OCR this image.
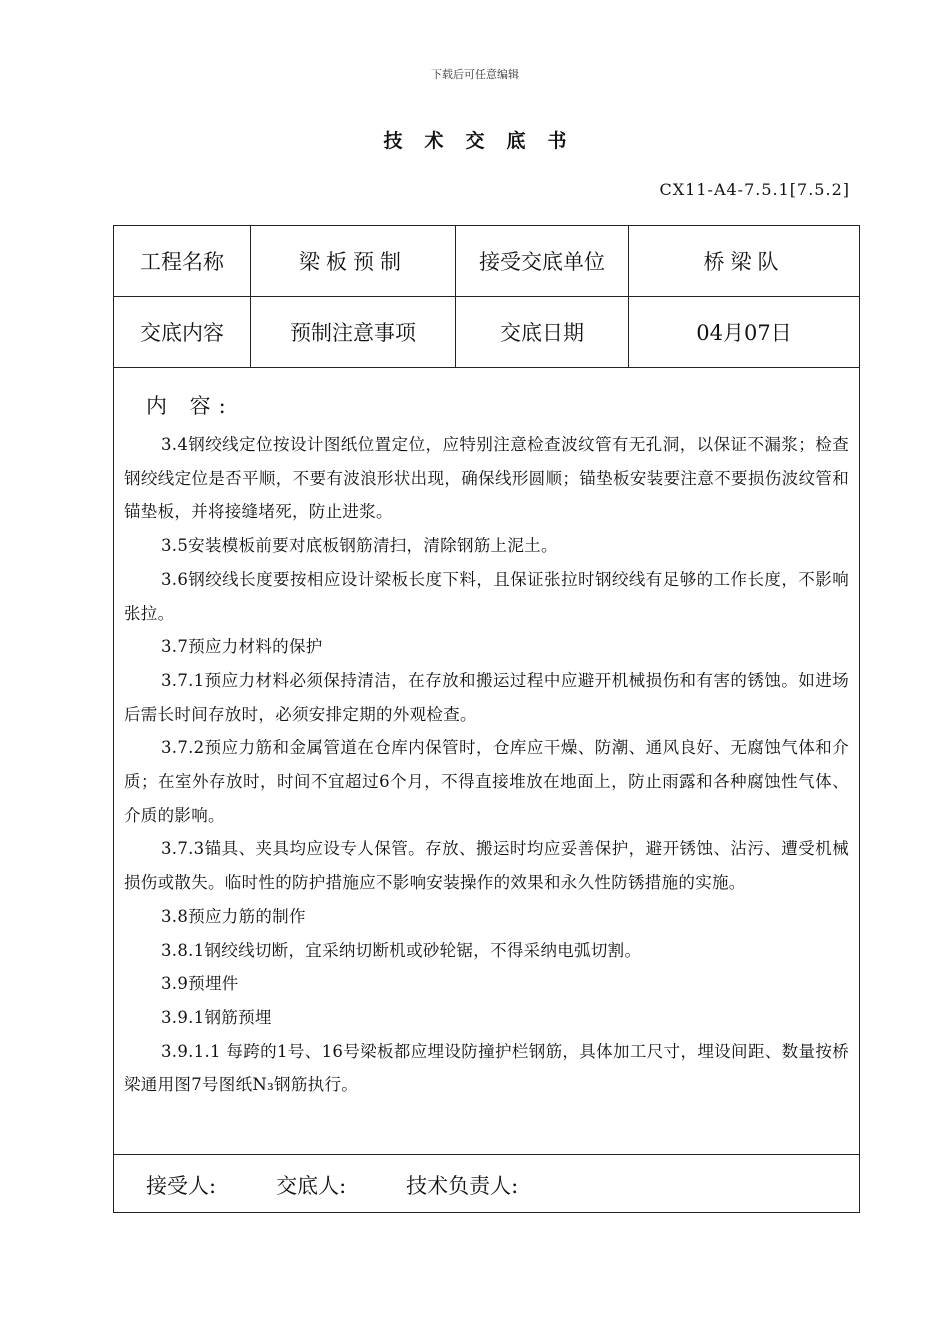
下载后可任意编辑
技术交底书
CX11-A4-7.5.1[7.5.2]
工程名称	梁板预制	接受交底单位	桥梁队
交底内容	预制注意事项	交底日期	04月07日
内 容:

3.4钢绞线定位按设计图纸位置定位，应特别注意检查波纹管有无孔洞，以保证不漏浆；检查钢绞线定位是否平顺，不要有波浪形状出现，确保线形圆顺；锚垫板安装要注意不要损伤波纹管和锚垫板，并将接缝堵死，防止进浆。

3.5安装模板前要对底板钢筋清扫，清除钢筋上泥土。

3.6钢绞线长度要按相应设计梁板长度下料，且保证张拉时钢绞线有足够的工作长度，不影响张拉。

3.7预应力材料的保护

3.7.1预应力材料必须保持清洁，在存放和搬运过程中应避开机械损伤和有害的锈蚀。如进场后需长时间存放时，必须安排定期的外观检查。

3.7.2预应力筋和金属管道在仓库内保管时，仓库应干燥、防潮、通风良好、无腐蚀气体和介质；在室外存放时，时间不宜超过6个月，不得直接堆放在地面上，防止雨露和各种腐蚀性气体、介质的影响。

3.7.3锚具、夹具均应设专人保管。存放、搬运时均应妥善保护，避开锈蚀、沾污、遭受机械损伤或散失。临时性的防护措施应不影响安装操作的效果和永久性防锈措施的实施。

3.8预应力筋的制作

3.8.1钢绞线切断，宜采纳切断机或砂轮锯，不得采纳电弧切割。

3.9预埋件

3.9.1钢筋预埋

3.9.1.1 每跨的1号、16号梁板都应埋设防撞护栏钢筋，具体加工尺寸，埋设间距、数量按桥梁通用图7号图纸N₃钢筋执行。

接受人:	交底人:	技术负责人:
